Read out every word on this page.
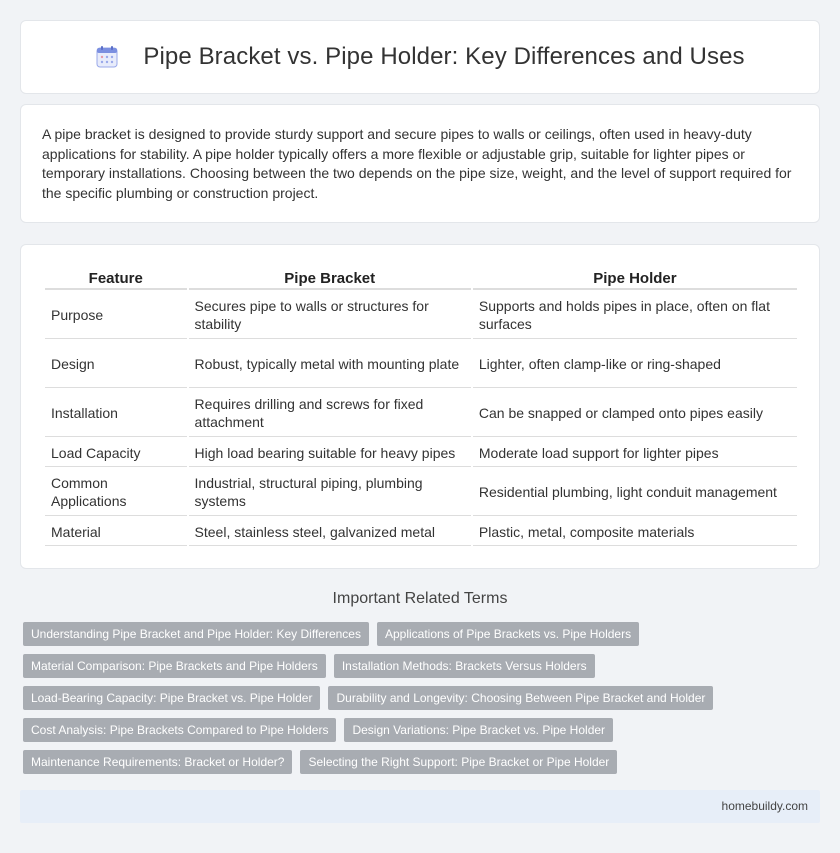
Pipe Bracket vs. Pipe Holder: Key Differences and Uses

A pipe bracket is designed to provide sturdy support and secure pipes to walls or ceilings, often used in heavy-duty applications for stability. A pipe holder typically offers a more flexible or adjustable grip, suitable for lighter pipes or temporary installations. Choosing between the two depends on the pipe size, weight, and the level of support required for the specific plumbing or construction project.

Feature	Pipe Bracket	Pipe Holder
Purpose	Secures pipe to walls or structures for stability	Supports and holds pipes in place, often on flat surfaces
Design	Robust, typically metal with mounting plate	Lighter, often clamp-like or ring-shaped
Installation	Requires drilling and screws for fixed attachment	Can be snapped or clamped onto pipes easily
Load Capacity	High load bearing suitable for heavy pipes	Moderate load support for lighter pipes
Common Applications	Industrial, structural piping, plumbing systems	Residential plumbing, light conduit management
Material	Steel, stainless steel, galvanized metal	Plastic, metal, composite materials
Important Related Terms
Understanding Pipe Bracket and Pipe Holder: Key Differences	Applications of Pipe Brackets vs. Pipe Holders
Material Comparison: Pipe Brackets and Pipe Holders	Installation Methods: Brackets Versus Holders
Load-Bearing Capacity: Pipe Bracket vs. Pipe Holder	Durability and Longevity: Choosing Between Pipe Bracket and Holder
Cost Analysis: Pipe Brackets Compared to Pipe Holders	Design Variations: Pipe Bracket vs. Pipe Holder
Maintenance Requirements: Bracket or Holder?	Selecting the Right Support: Pipe Bracket or Pipe Holder
homebuildy.com
